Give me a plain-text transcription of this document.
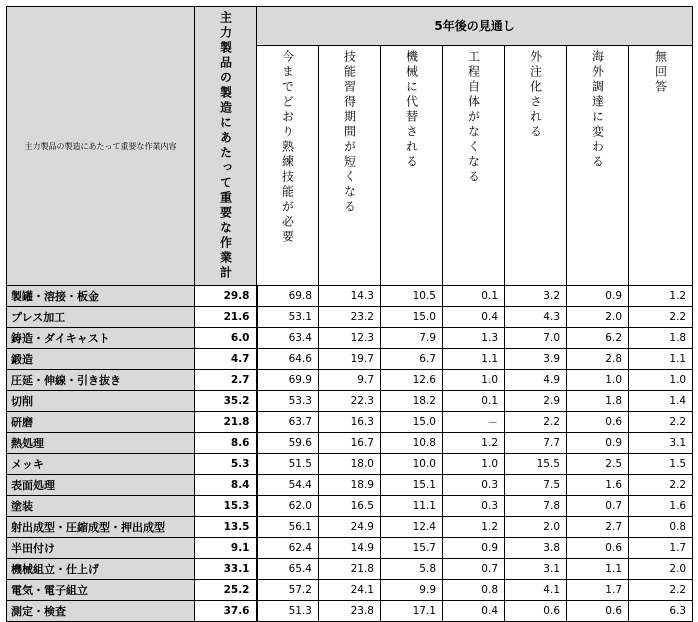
主力製品の製造にあたって重要な作業内容	主力製品の製造にあたって重要な作業計	5年後の見通し						
		今までどおり熟練技能が必要	技能習得期間が短くなる	機械に代替される	工程自体がなくなる	外注化される	海外調達に変わる	無回答
製罐・溶接・板金	29.8	69.8	14.3	10.5	0.1	3.2	0.9	1.2
プレス加工	21.6	53.1	23.2	15.0	0.4	4.3	2.0	2.2
鋳造・ダイキャスト	6.0	63.4	12.3	7.9	1.3	7.0	6.2	1.8
鍛造	4.7	64.6	19.7	6.7	1.1	3.9	2.8	1.1
圧延・伸線・引き抜き	2.7	69.9	9.7	12.6	1.0	4.9	1.0	1.0
切削	35.2	53.3	22.3	18.2	0.1	2.9	1.8	1.4
研磨	21.8	63.7	16.3	15.0	－	2.2	0.6	2.2
熱処理	8.6	59.6	16.7	10.8	1.2	7.7	0.9	3.1
メッキ	5.3	51.5	18.0	10.0	1.0	15.5	2.5	1.5
表面処理	8.4	54.4	18.9	15.1	0.3	7.5	1.6	2.2
塗装	15.3	62.0	16.5	11.1	0.3	7.8	0.7	1.6
射出成型・圧縮成型・押出成型	13.5	56.1	24.9	12.4	1.2	2.0	2.7	0.8
半田付け	9.1	62.4	14.9	15.7	0.9	3.8	0.6	1.7
機械組立・仕上げ	33.1	65.4	21.8	5.8	0.7	3.1	1.1	2.0
電気・電子組立	25.2	57.2	24.1	9.9	0.8	4.1	1.7	2.2
測定・検査	37.6	51.3	23.8	17.1	0.4	0.6	0.6	6.3
